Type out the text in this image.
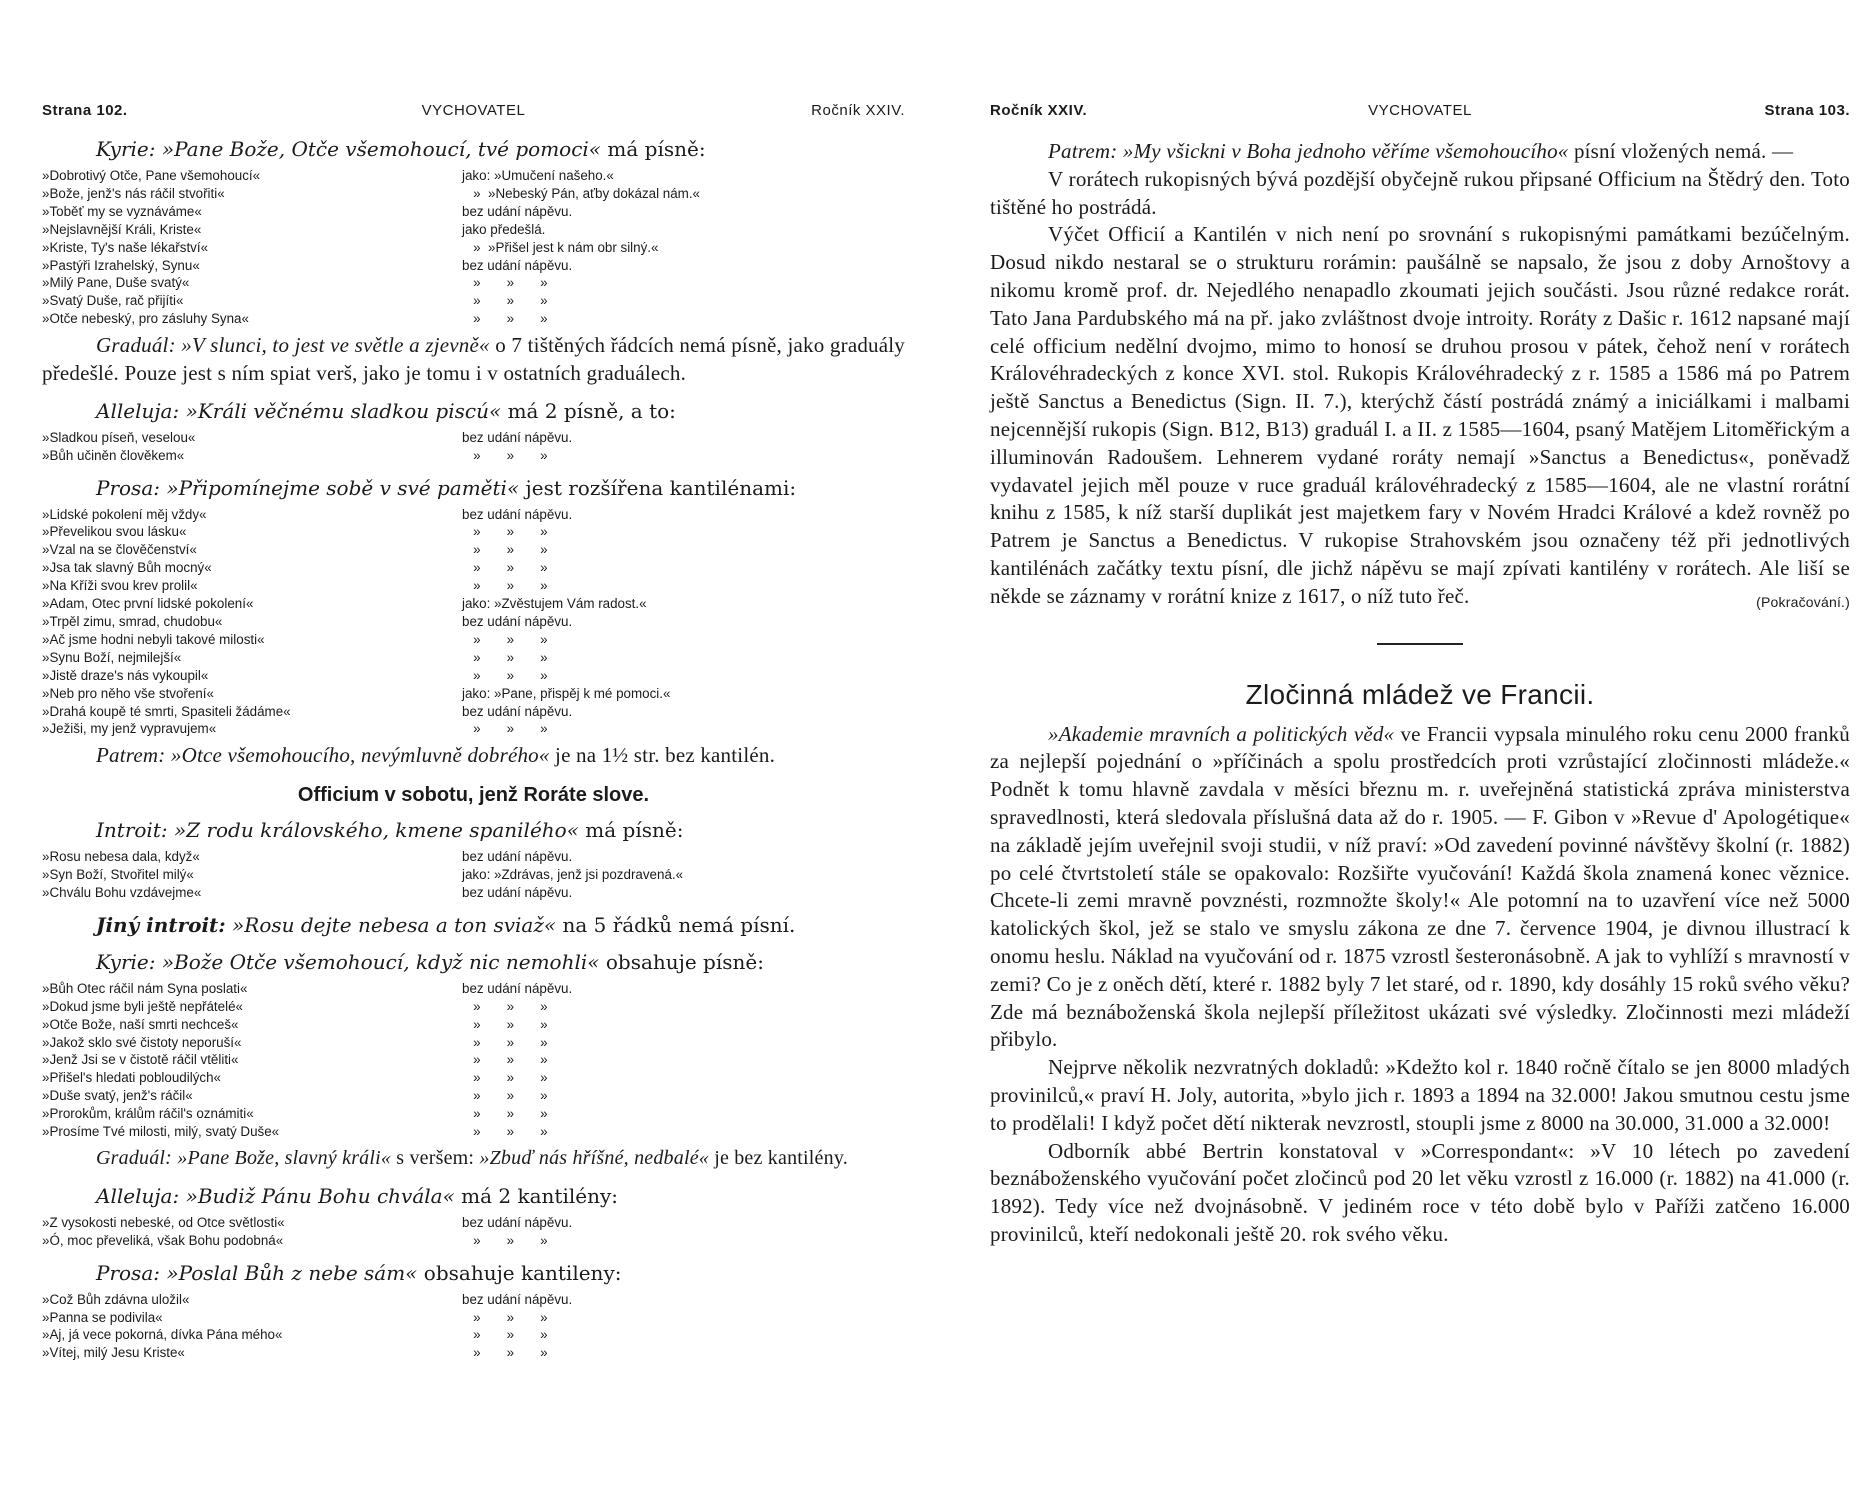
Strana 102.	VYCHOVATEL	Ročník XXIV.
Kyrie: »Pane Bože, Otče všemohoucí, tvé pomoci« má písně:
»Dobrotivý Otče, Pane všemohoucí«	jako: »Umučení našeho.«
»Bože, jenž's nás ráčil stvořiti«	»  »Nebeský Pán, aťby dokázal nám.«
»Toběť my se vyznáváme«	bez udání nápěvu.
»Nejslavnější Králi, Kriste«	jako předešlá.
»Kriste, Ty's naše lékařství«	»  »Přišel jest k nám obr silný.«
»Pastýři Izrahelský, Synu«	bez udání nápěvu.
»Milý Pane, Duše svatý«	»       »       »
»Svatý Duše, rač přijíti«	»       »       »
»Otče nebeský, pro zásluhy Syna«	»       »       »

Graduál: »V slunci, to jest ve světle a zjevně« o 7 tištěných řádcích nemá písně, jako graduály předešlé. Pouze jest s ním spiat verš, jako je tomu i v ostatních graduálech.

Alleluja: »Králi věčnému sladkou piscú« má 2 písně, a to:
»Sladkou píseň, veselou«	bez udání nápěvu.
»Bůh učiněn člověkem«	»       »       »
Prosa: »Připomínejme sobě v své paměti« jest rozšířena kantilénami:
»Lidské pokolení měj vždy«	bez udání nápěvu.
»Převelikou svou lásku«	»       »       »
»Vzal na se člověčenství«	»       »       »
»Jsa tak slavný Bůh mocný«	»       »       »
»Na Kříži svou krev prolil«	»       »       »
»Adam, Otec první lidské pokolení«	jako: »Zvěstujem Vám radost.«
»Trpěl zimu, smrad, chudobu«	bez udání nápěvu.
»Ač jsme hodni nebyli takové milosti«	»       »       »
»Synu Boží, nejmilejší«	»       »       »
»Jistě draze's nás vykoupil«	»       »       »
»Neb pro něho vše stvoření«	jako: »Pane, přispěj k mé pomoci.«
»Drahá koupě té smrti, Spasiteli žádáme«	bez udání nápěvu.
»Ježiši, my jenž vypravujem«	»       »       »

Patrem: »Otce všemohoucího, nevýmluvně dobrého« je na 1½ str. bez kantilén.

Officium v sobotu, jenž Roráte slove.
Introit: »Z rodu královského, kmene spanilého« má písně:
»Rosu nebesa dala, když«	bez udání nápěvu.
»Syn Boží, Stvořitel milý«	jako: »Zdrávas, jenž jsi pozdravená.«
»Chválu Bohu vzdávejme«	bez udání nápěvu.
Jiný introit: »Rosu dejte nebesa a ton sviaž« na 5 řádků nemá písní.
Kyrie: »Bože Otče všemohoucí, když nic nemohli« obsahuje písně:
»Bůh Otec ráčil nám Syna poslati«	bez udání nápěvu.
»Dokud jsme byli ještě nepřátelé«	»       »       »
»Otče Bože, naší smrti nechceš«	»       »       »
»Jakož sklo své čistoty neporuší«	»       »       »
»Jenž Jsi se v čistotě ráčil vtěliti«	»       »       »
»Přišel's hledati pobloudilých«	»       »       »
»Duše svatý, jenž's ráčil«	»       »       »
»Prorokům, králům ráčil's oznámiti«	»       »       »
»Prosíme Tvé milosti, milý, svatý Duše«	»       »       »

Graduál: »Pane Bože, slavný králi« s veršem: »Zbuď nás hříšné, nedbalé« je bez kantilény.

Alleluja: »Budiž Pánu Bohu chvála« má 2 kantilény:
»Z vysokosti nebeské, od Otce světlosti«	bez udání nápěvu.
»Ó, moc převeliká, však Bohu podobná«	»       »       »
Prosa: »Poslal Bůh z nebe sám« obsahuje kantileny:
»Což Bůh zdávna uložil«	bez udání nápěvu.
»Panna se podivila«	»       »       »
»Aj, já vece pokorná, dívka Pána mého«	»       »       »
»Vítej, milý Jesu Kriste«	»       »       »
Ročník XXIV.	VYCHOVATEL	Strana 103.

Patrem: »My všickni v Boha jednoho věříme všemohoucího« písní vložených nemá. —

V rorátech rukopisných bývá pozdější obyčejně rukou připsané Officium na Štědrý den. Toto tištěné ho postrádá.

Výčet Officií a Kantilén v nich není po srovnání s rukopisnými památkami bezúčelným. Dosud nikdo nestaral se o strukturu rorámin: paušálně se napsalo, že jsou z doby Arnoštovy a nikomu kromě prof. dr. Nejedlého nenapadlo zkoumati jejich součásti. Jsou různé redakce rorát. Tato Jana Pardubského má na př. jako zvláštnost dvoje introity. Roráty z Dašic r. 1612 napsané mají celé officium nedělní dvojmo, mimo to honosí se druhou prosou v pátek, čehož není v rorátech Královéhradeckých z konce XVI. stol. Rukopis Královéhradecký z r. 1585 a 1586 má po Patrem ještě Sanctus a Benedictus (Sign. II. 7.), kterýchž částí postrádá známý a iniciálkami i malbami nejcennější rukopis (Sign. B12, B13) graduál I. a II. z 1585—1604, psaný Matějem Litoměřickým a illuminován Radoušem. Lehnerem vydané roráty nemají »Sanctus a Benedictus«, poněvadž vydavatel jejich měl pouze v ruce graduál královéhradecký z 1585—1604, ale ne vlastní rorátní knihu z 1585, k níž starší duplikát jest majetkem fary v Novém Hradci Králové a kdež rovněž po Patrem je Sanctus a Benedictus. V rukopise Strahovském jsou označeny též při jednotlivých kantilénách začátky textu písní, dle jichž nápěvu se mají zpívati kantilény v rorátech. Ale liší se někde se záznamy v rorátní knize z 1617, o níž tuto řeč.	(Pokračování.)

Zločinná mládež ve Francii.

»Akademie mravních a politických věd« ve Francii vypsala minulého roku cenu 2000 franků za nejlepší pojednání o »příčinách a spolu prostředcích proti vzrůstající zločinnosti mládeže.« Podnět k tomu hlavně zavdala v měsíci březnu m. r. uveřejněná statistická zpráva ministerstva spravedlnosti, která sledovala příslušná data až do r. 1905. — F. Gibon v »Revue d' Apologétique« na základě jejím uveřejnil svoji studii, v níž praví: »Od zavedení povinné návštěvy školní (r. 1882) po celé čtvrtstoletí stále se opakovalo: Rozšiřte vyučování! Každá škola znamená konec věznice. Chcete-li zemi mravně povznésti, rozmnožte školy!« Ale potomní na to uzavření více než 5000 katolických škol, jež se stalo ve smyslu zákona ze dne 7. července 1904, je divnou illustrací k onomu heslu. Náklad na vyučování od r. 1875 vzrostl šesteronásobně. A jak to vyhlíží s mravností v zemi? Co je z oněch dětí, které r. 1882 byly 7 let staré, od r. 1890, kdy dosáhly 15 roků svého věku? Zde má beznáboženská škola nejlepší příležitost ukázati své výsledky. Zločinnosti mezi mládeží přibylo.

Nejprve několik nezvratných dokladů: »Kdežto kol r. 1840 ročně čítalo se jen 8000 mladých provinilců,« praví H. Joly, autorita, »bylo jich r. 1893 a 1894 na 32.000! Jakou smutnou cestu jsme to prodělali! I když počet dětí nikterak nevzrostl, stoupli jsme z 8000 na 30.000, 31.000 a 32.000!

Odborník abbé Bertrin konstatoval v »Correspondant«: »V 10 létech po zavedení beznáboženského vyučování počet zločinců pod 20 let věku vzrostl z 16.000 (r. 1882) na 41.000 (r. 1892). Tedy více než dvojnásobně. V jediném roce v této době bylo v Paříži zatčeno 16.000 provinilců, kteří nedokonali ještě 20. rok svého věku.
